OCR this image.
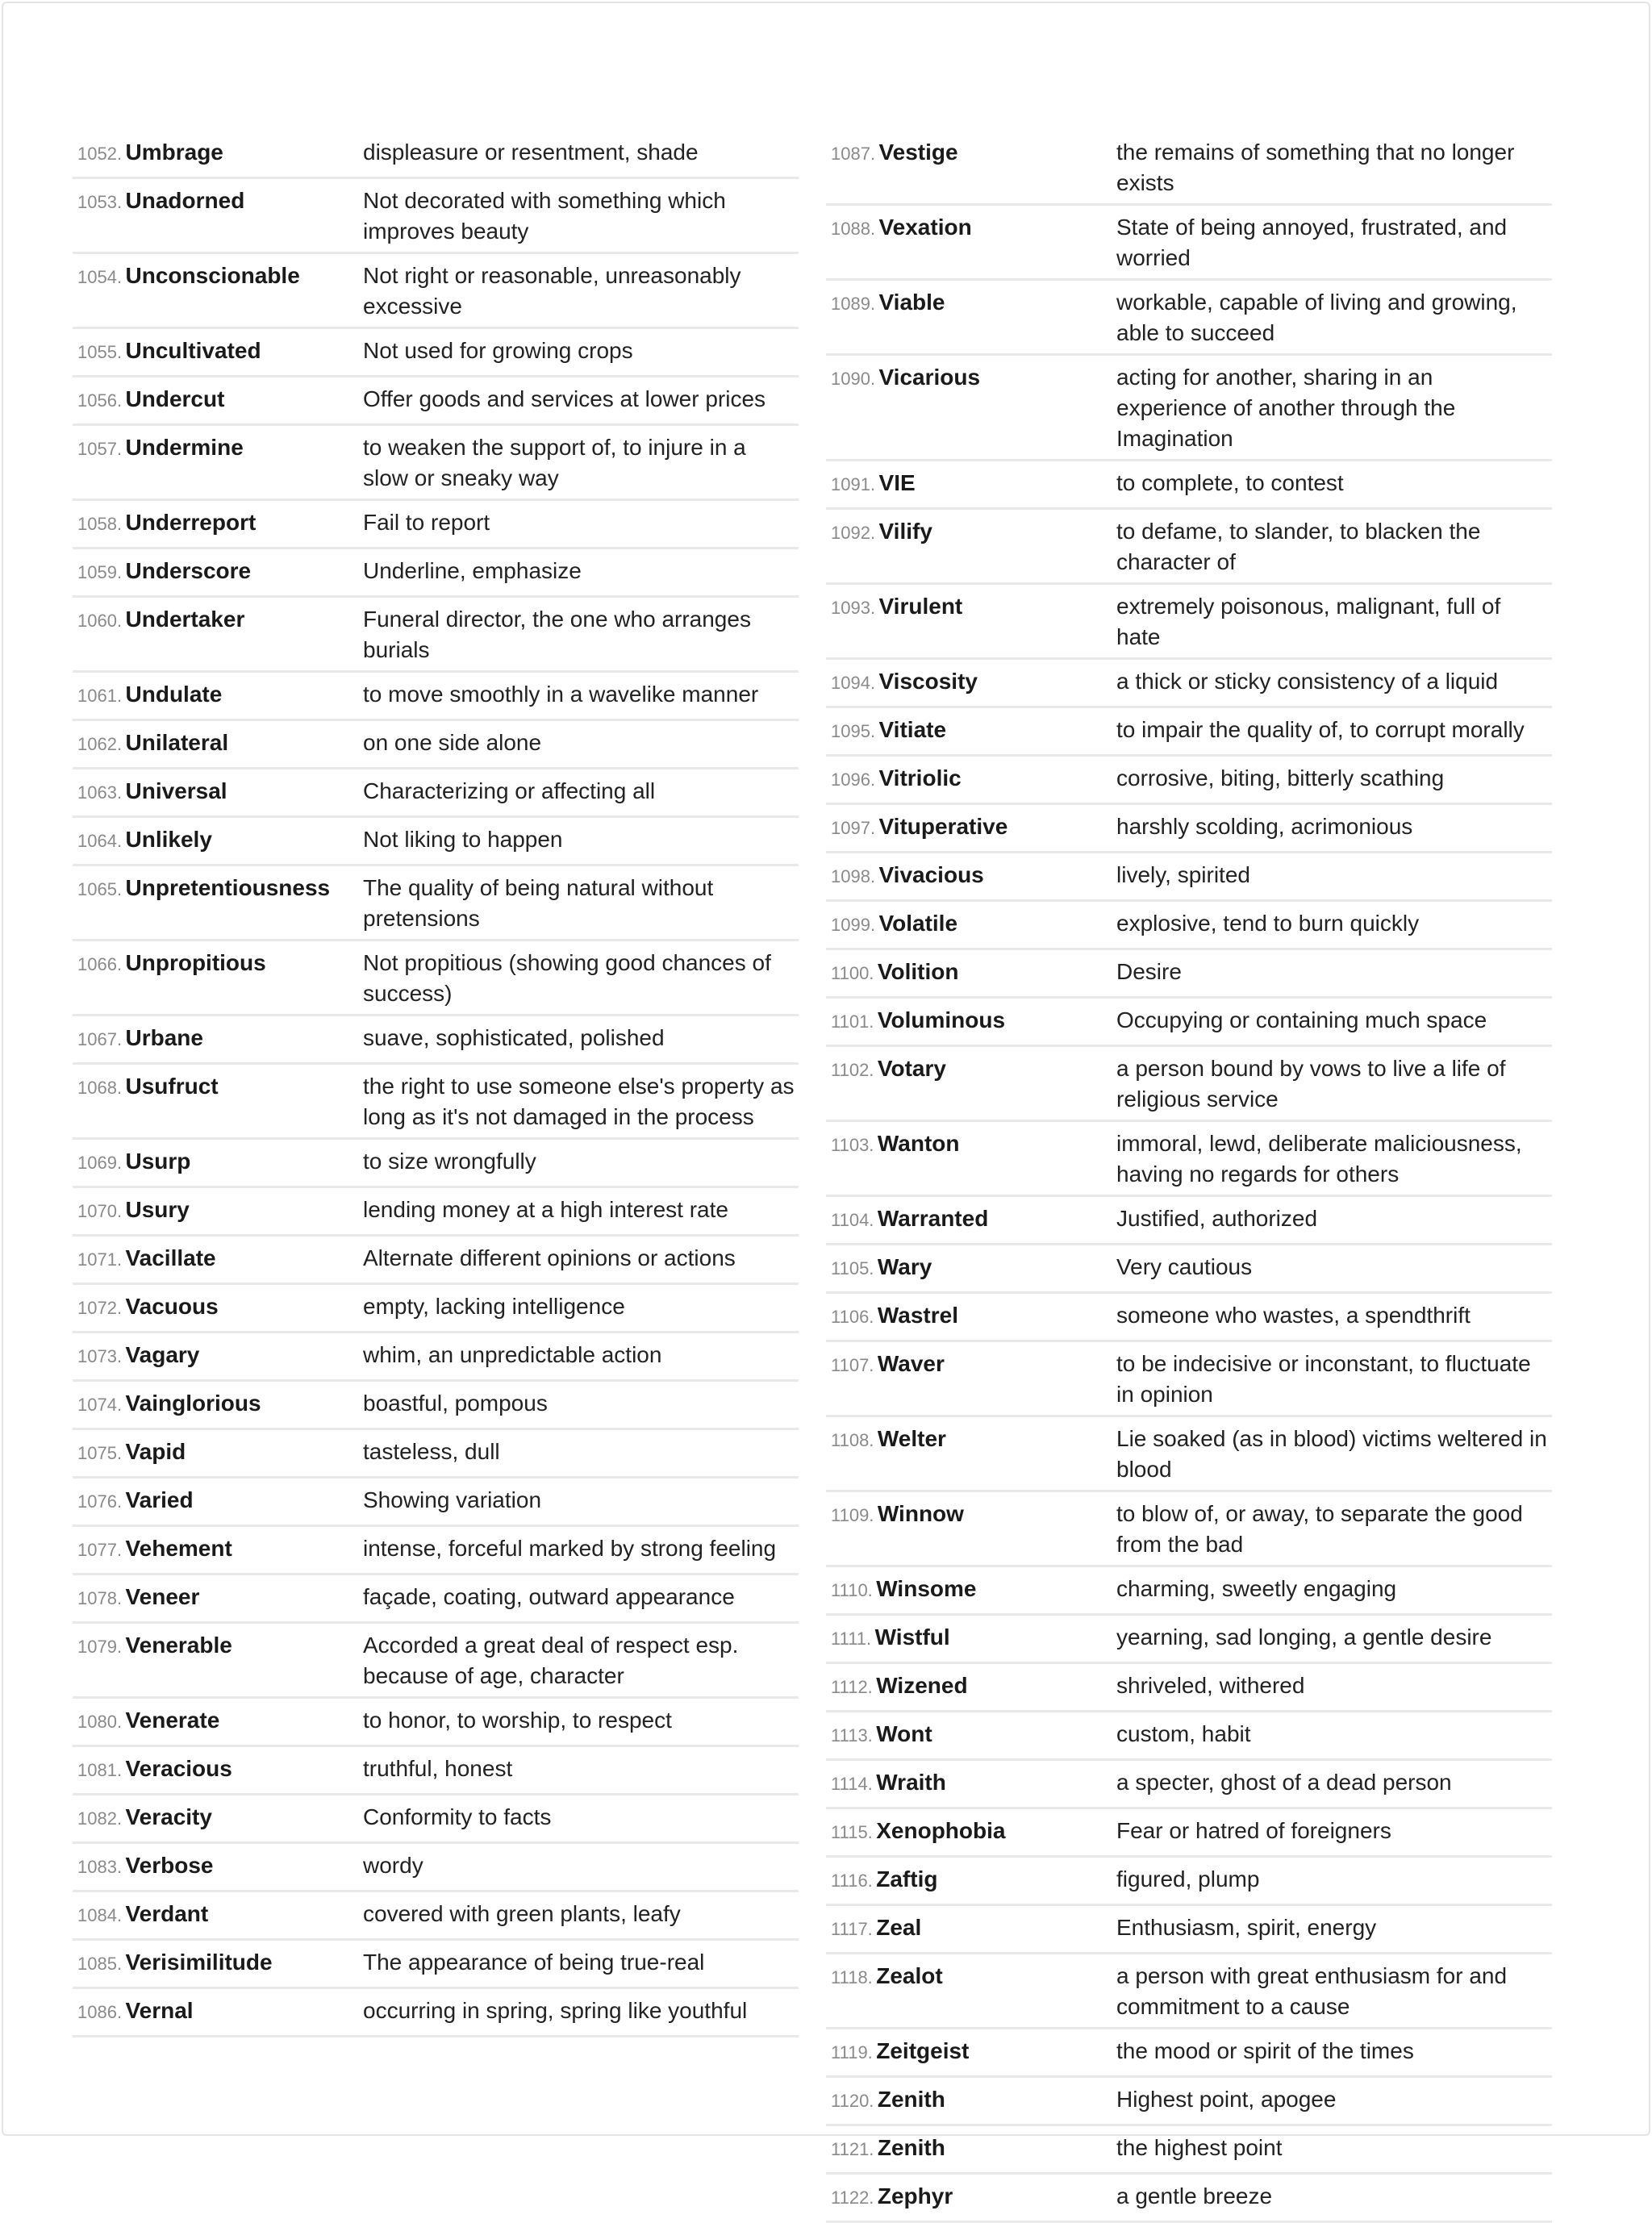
1052. Umbrage	displeasure or resentment, shade
1053. Unadorned	Not decorated with something which improves beauty
1054. Unconscionable	Not right or reasonable, unreasonably excessive
1055. Uncultivated	Not used for growing crops
1056. Undercut	Offer goods and services at lower prices
1057. Undermine	to weaken the support of, to injure in a slow or sneaky way
1058. Underreport	Fail to report
1059. Underscore	Underline, emphasize
1060. Undertaker	Funeral director, the one who arranges burials
1061. Undulate	to move smoothly in a wavelike manner
1062. Unilateral	on one side alone
1063. Universal	Characterizing or affecting all
1064. Unlikely	Not liking to happen
1065. Unpretentiousness	The quality of being natural without pretensions
1066. Unpropitious	Not propitious (showing good chances of success)
1067. Urbane	suave, sophisticated, polished
1068. Usufruct	the right to use someone else's property as long as it's not damaged in the process
1069. Usurp	to size wrongfully
1070. Usury	lending money at a high interest rate
1071. Vacillate	Alternate different opinions or actions
1072. Vacuous	empty, lacking intelligence
1073. Vagary	whim, an unpredictable action
1074. Vainglorious	boastful, pompous
1075. Vapid	tasteless, dull
1076. Varied	Showing variation
1077. Vehement	intense, forceful marked by strong feeling
1078. Veneer	façade, coating, outward appearance
1079. Venerable	Accorded a great deal of respect esp. because of age, character
1080. Venerate	to honor, to worship, to respect
1081. Veracious	truthful, honest
1082. Veracity	Conformity to facts
1083. Verbose	wordy
1084. Verdant	covered with green plants, leafy
1085. Verisimilitude	The appearance of being true-real
1086. Vernal	occurring in spring, spring like youthful
1087. Vestige	the remains of something that no longer exists
1088. Vexation	State of being annoyed, frustrated, and worried
1089. Viable	workable, capable of living and growing, able to succeed
1090. Vicarious	acting for another, sharing in an experience of another through the Imagination
1091. VIE	to complete, to contest
1092. Vilify	to defame, to slander, to blacken the character of
1093. Virulent	extremely poisonous, malignant, full of hate
1094. Viscosity	a thick or sticky consistency of a liquid
1095. Vitiate	to impair the quality of, to corrupt morally
1096. Vitriolic	corrosive, biting, bitterly scathing
1097. Vituperative	harshly scolding, acrimonious
1098. Vivacious	lively, spirited
1099. Volatile	explosive, tend to burn quickly
1100. Volition	Desire
1101. Voluminous	Occupying or containing much space
1102. Votary	a person bound by vows to live a life of religious service
1103. Wanton	immoral, lewd, deliberate maliciousness, having no regards for others
1104. Warranted	Justified, authorized
1105. Wary	Very cautious
1106. Wastrel	someone who wastes, a spendthrift
1107. Waver	to be indecisive or inconstant, to fluctuate in opinion
1108. Welter	Lie soaked (as in blood) victims weltered in blood
1109. Winnow	to blow of, or away, to separate the good from the bad
1110. Winsome	charming, sweetly engaging
1111. Wistful	yearning, sad longing, a gentle desire
1112. Wizened	shriveled, withered
1113. Wont	custom, habit
1114. Wraith	a specter, ghost of a dead person
1115. Xenophobia	Fear or hatred of foreigners
1116. Zaftig	figured, plump
1117. Zeal	Enthusiasm, spirit, energy
1118. Zealot	a person with great enthusiasm for and commitment to a cause
1119. Zeitgeist	the mood or spirit of the times
1120. Zenith	Highest point, apogee
1121. Zenith	the highest point
1122. Zephyr	a gentle breeze
